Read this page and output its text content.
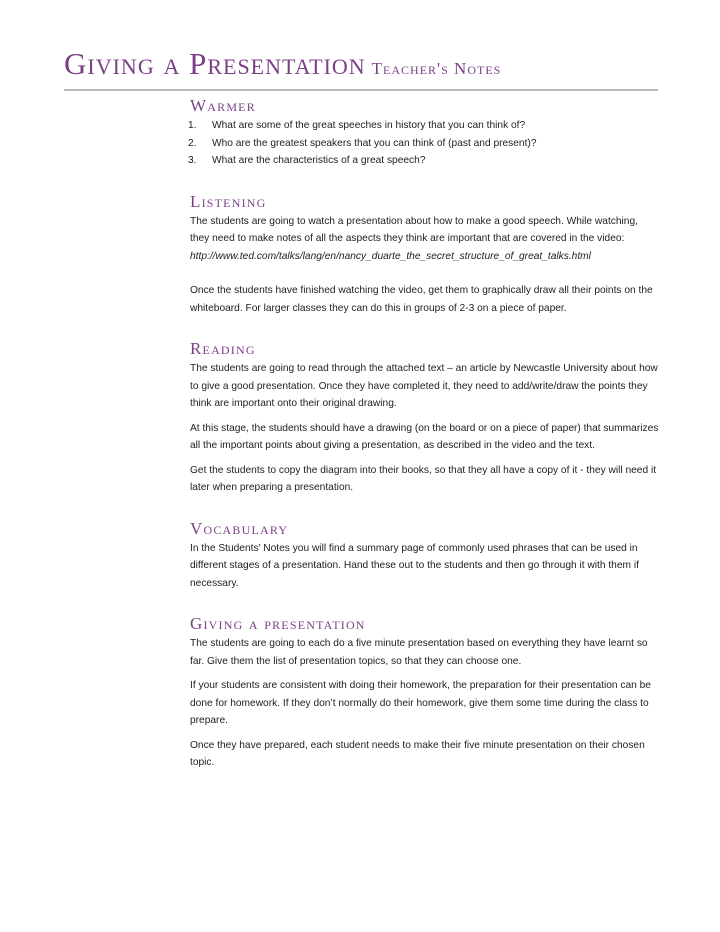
Giving a Presentation Teacher's Notes
Warmer
1. What are some of the great speeches in history that you can think of?
2. Who are the greatest speakers that you can think of (past and present)?
3. What are the characteristics of a great speech?
Listening
The students are going to watch a presentation about how to make a good speech. While watching, they need to make notes of all the aspects they think are important that are covered in the video:
http://www.ted.com/talks/lang/en/nancy_duarte_the_secret_structure_of_great_talks.html
Once the students have finished watching the video, get them to graphically draw all their points on the whiteboard. For larger classes they can do this in groups of 2-3 on a piece of paper.
Reading
The students are going to read through the attached text – an article by Newcastle University about how to give a good presentation. Once they have completed it, they need to add/write/draw the points they think are important onto their original drawing.
At this stage, the students should have a drawing (on the board or on a piece of paper) that summarizes all the important points about giving a presentation, as described in the video and the text.
Get the students to copy the diagram into their books, so that they all have a copy of it - they will need it later when preparing a presentation.
Vocabulary
In the Students’ Notes you will find a summary page of commonly used phrases that can be used in different stages of a presentation. Hand these out to the students and then go through it with them if necessary.
Giving a presentation
The students are going to each do a five minute presentation based on everything they have learnt so far. Give them the list of presentation topics, so that they can choose one.
If your students are consistent with doing their homework, the preparation for their presentation can be done for homework. If they don’t normally do their homework, give them some time during the class to prepare.
Once they have prepared, each student needs to make their five minute presentation on their chosen topic.
